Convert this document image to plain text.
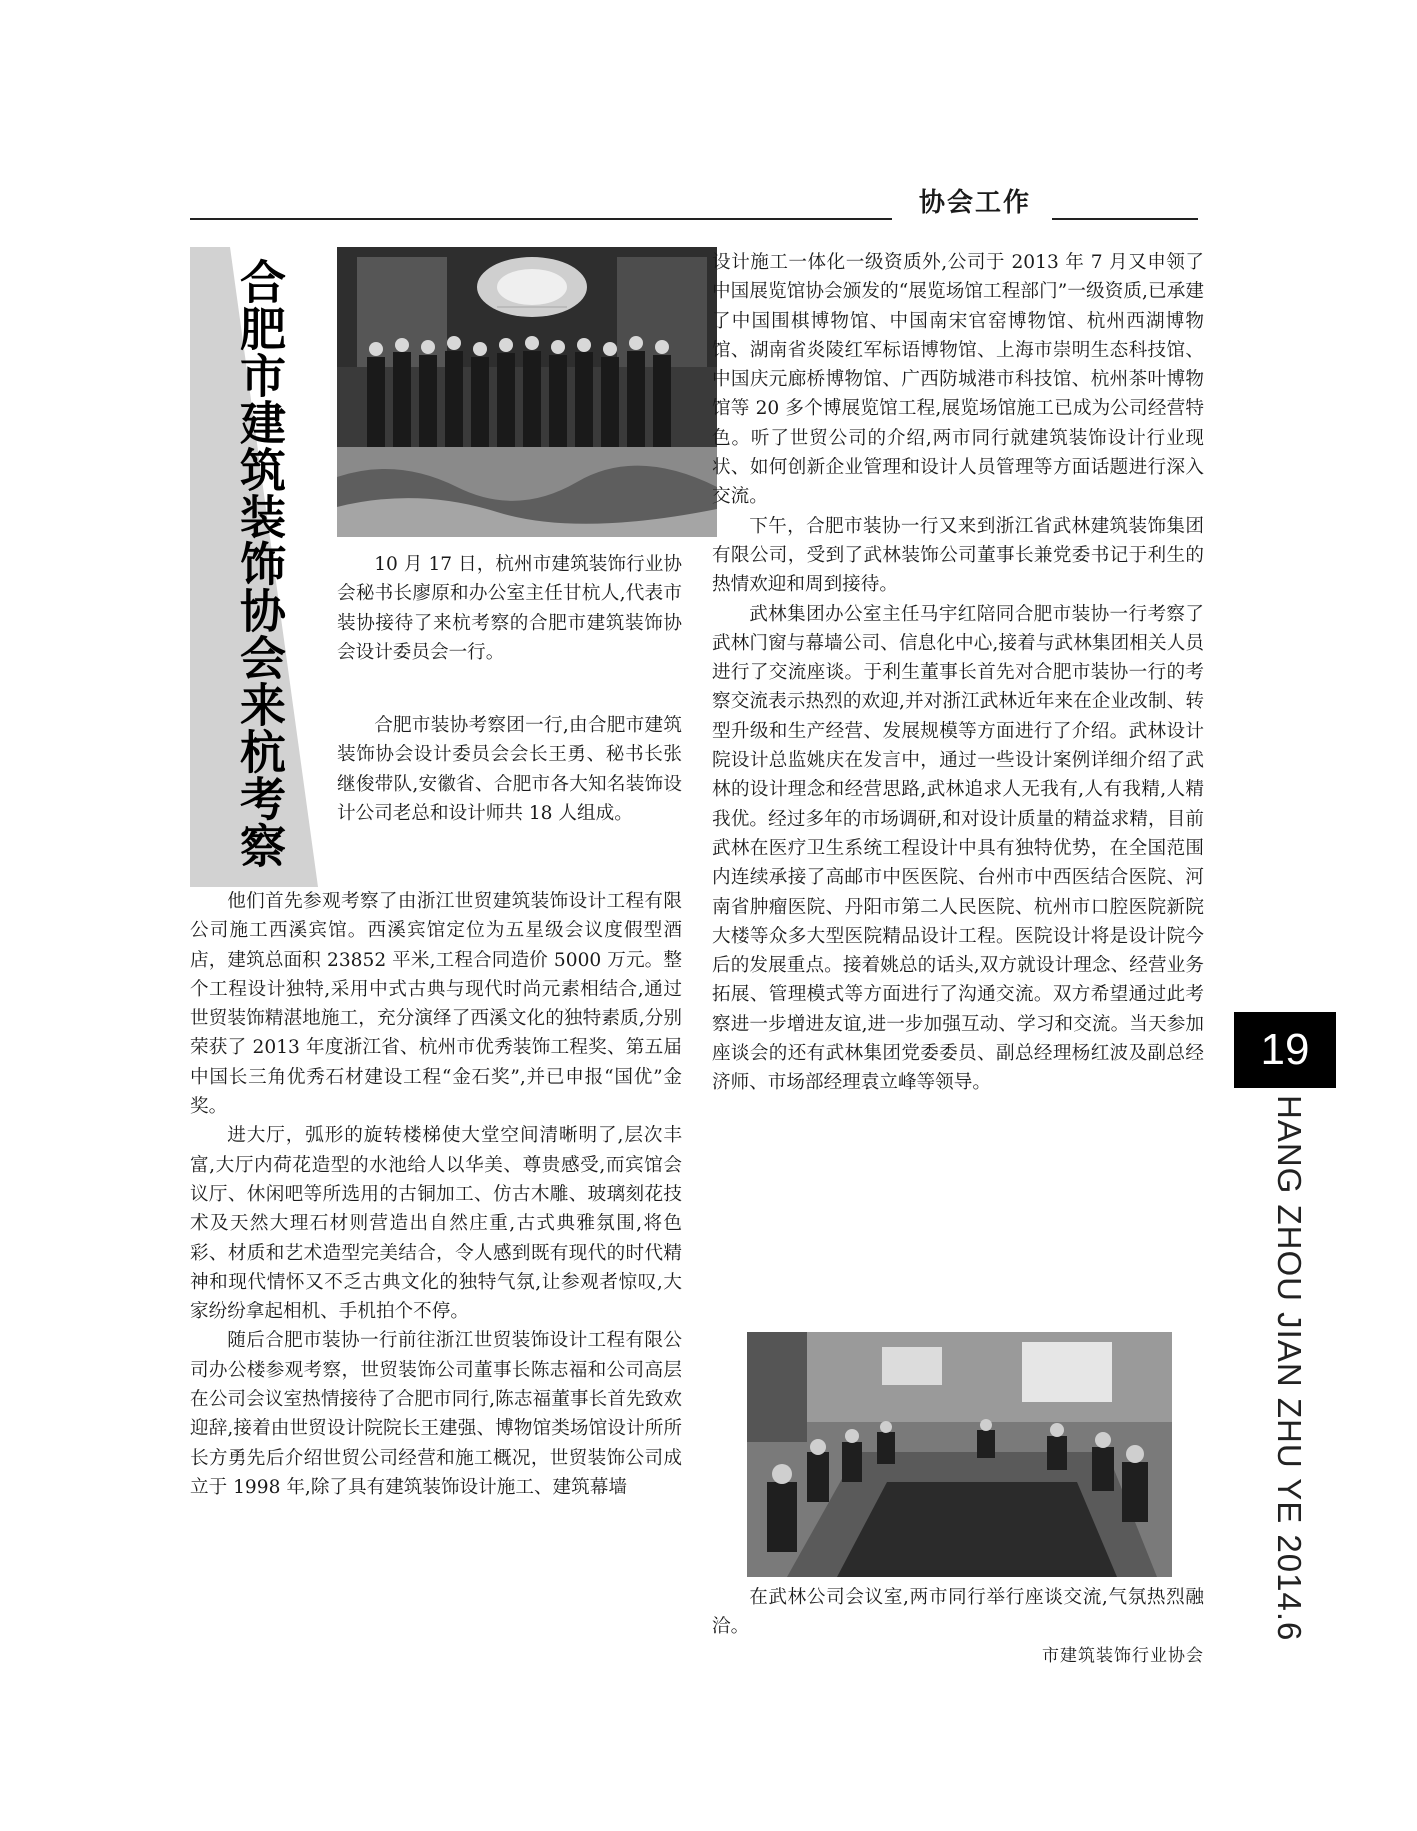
协会工作
合肥市建筑装饰协会来杭考察	10 月 17 日，杭州市建筑装饰行业协会秘书长廖原和办公室主任甘杭人,代表市装协接待了来杭考察的合肥市建筑装饰协会设计委员会一行。

合肥市装协考察团一行,由合肥市建筑装饰协会设计委员会会长王勇、秘书长张继俊带队,安徽省、合肥市各大知名装饰设计公司老总和设计师共 18 人组成。

他们首先参观考察了由浙江世贸建筑装饰设计工程有限公司施工西溪宾馆。西溪宾馆定位为五星级会议度假型酒店，建筑总面积 23852 平米,工程合同造价 5000 万元。整个工程设计独特,采用中式古典与现代时尚元素相结合,通过世贸装饰精湛地施工，充分演绎了西溪文化的独特素质,分别荣获了 2013 年度浙江省、杭州市优秀装饰工程奖、第五届中国长三角优秀石材建设工程“金石奖”,并已申报“国优”金奖。

进大厅，弧形的旋转楼梯使大堂空间清晰明了,层次丰富,大厅内荷花造型的水池给人以华美、尊贵感受,而宾馆会议厅、休闲吧等所选用的古铜加工、仿古木雕、玻璃刻花技术及天然大理石材则营造出自然庄重,古式典雅氛围,将色彩、材质和艺术造型完美结合，令人感到既有现代的时代精神和现代情怀又不乏古典文化的独特气氛,让参观者惊叹,大家纷纷拿起相机、手机拍个不停。

随后合肥市装协一行前往浙江世贸装饰设计工程有限公司办公楼参观考察，世贸装饰公司董事长陈志福和公司高层在公司会议室热情接待了合肥市同行,陈志福董事长首先致欢迎辞,接着由世贸设计院院长王建强、博物馆类场馆设计所所长方勇先后介绍世贸公司经营和施工概况，世贸装饰公司成立于 1998 年,除了具有建筑装饰设计施工、建筑幕墙

设计施工一体化一级资质外,公司于 2013 年 7 月又申领了中国展览馆协会颁发的“展览场馆工程部门”一级资质,已承建了中国围棋博物馆、中国南宋官窑博物馆、杭州西湖博物馆、湖南省炎陵红军标语博物馆、上海市崇明生态科技馆、中国庆元廊桥博物馆、广西防城港市科技馆、杭州茶叶博物馆等 20 多个博展览馆工程,展览场馆施工已成为公司经营特色。听了世贸公司的介绍,两市同行就建筑装饰设计行业现状、如何创新企业管理和设计人员管理等方面话题进行深入交流。

下午，合肥市装协一行又来到浙江省武林建筑装饰集团有限公司，受到了武林装饰公司董事长兼党委书记于利生的热情欢迎和周到接待。

武林集团办公室主任马宇红陪同合肥市装协一行考察了武林门窗与幕墙公司、信息化中心,接着与武林集团相关人员进行了交流座谈。于利生董事长首先对合肥市装协一行的考察交流表示热烈的欢迎,并对浙江武林近年来在企业改制、转型升级和生产经营、发展规模等方面进行了介绍。武林设计院设计总监姚庆在发言中，通过一些设计案例详细介绍了武林的设计理念和经营思路,武林追求人无我有,人有我精,人精我优。经过多年的市场调研,和对设计质量的精益求精，目前武林在医疗卫生系统工程设计中具有独特优势，在全国范围内连续承接了高邮市中医医院、台州市中西医结合医院、河南省肿瘤医院、丹阳市第二人民医院、杭州市口腔医院新院大楼等众多大型医院精品设计工程。医院设计将是设计院今后的发展重点。接着姚总的话头,双方就设计理念、经营业务拓展、管理模式等方面进行了沟通交流。双方希望通过此考察进一步增进友谊,进一步加强互动、学习和交流。当天参加座谈会的还有武林集团党委委员、副总经理杨红波及副总经济师、市场部经理袁立峰等领导。

在武林公司会议室,两市同行举行座谈交流,气氛热烈融洽。

市建筑装饰行业协会
19
HANG ZHOU JIAN ZHU YE 2014.6
